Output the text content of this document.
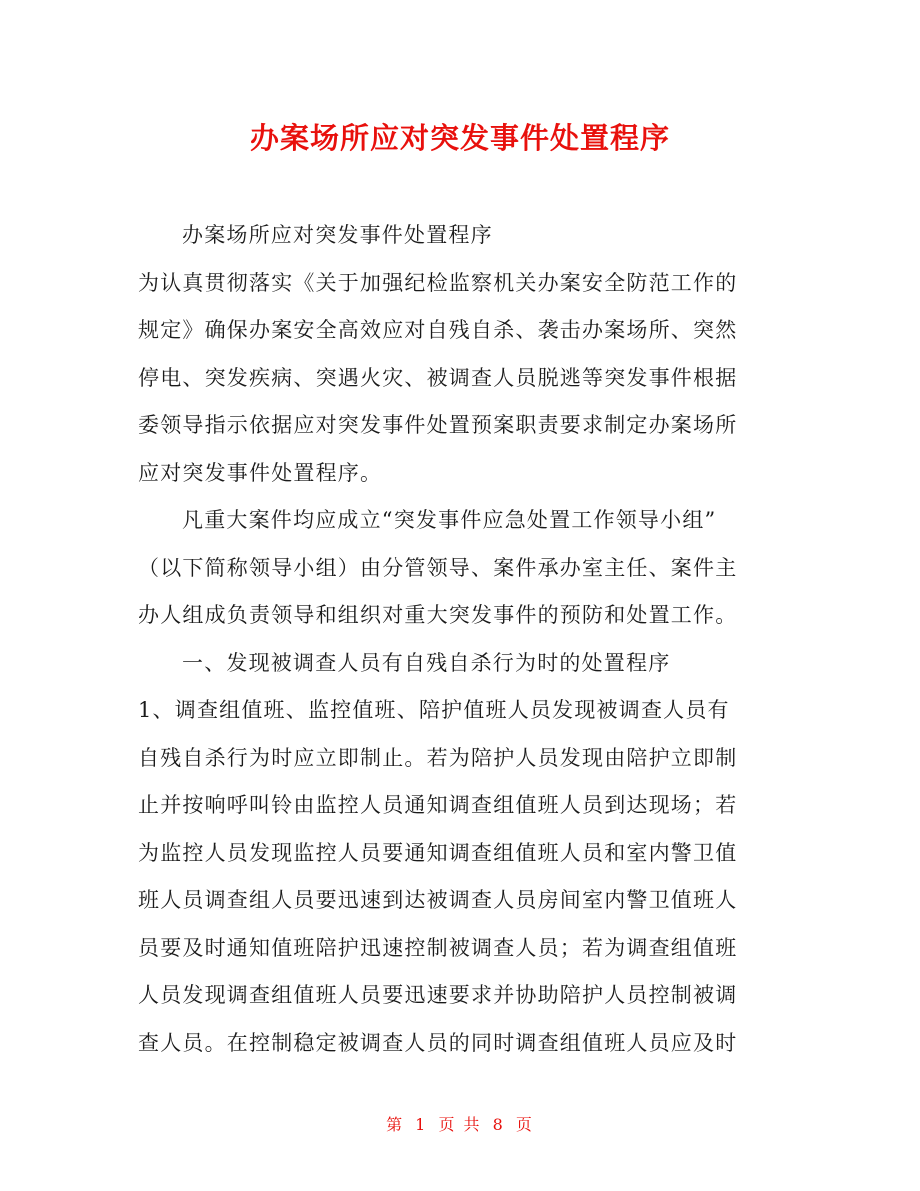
办案场所应对突发事件处置程序

办案场所应对突发事件处置程序

为认真贯彻落实《关于加强纪检监察机关办案安全防范工作的

规定》确保办案安全高效应对自残自杀、袭击办案场所、突然

停电、突发疾病、突遇火灾、被调查人员脱逃等突发事件根据

委领导指示依据应对突发事件处置预案职责要求制定办案场所

应对突发事件处置程序。

凡重大案件均应成立“突发事件应急处置工作领导小组”

（以下简称领导小组）由分管领导、案件承办室主任、案件主

办人组成负责领导和组织对重大突发事件的预防和处置工作。

一、发现被调查人员有自残自杀行为时的处置程序

1、调查组值班、监控值班、陪护值班人员发现被调查人员有

自残自杀行为时应立即制止。若为陪护人员发现由陪护立即制

止并按响呼叫铃由监控人员通知调查组值班人员到达现场；若

为监控人员发现监控人员要通知调查组值班人员和室内警卫值

班人员调查组人员要迅速到达被调查人员房间室内警卫值班人

员要及时通知值班陪护迅速控制被调查人员；若为调查组值班

人员发现调查组值班人员要迅速要求并协助陪护人员控制被调

查人员。在控制稳定被调查人员的同时调查组值班人员应及时

第 1 页 共 8 页
